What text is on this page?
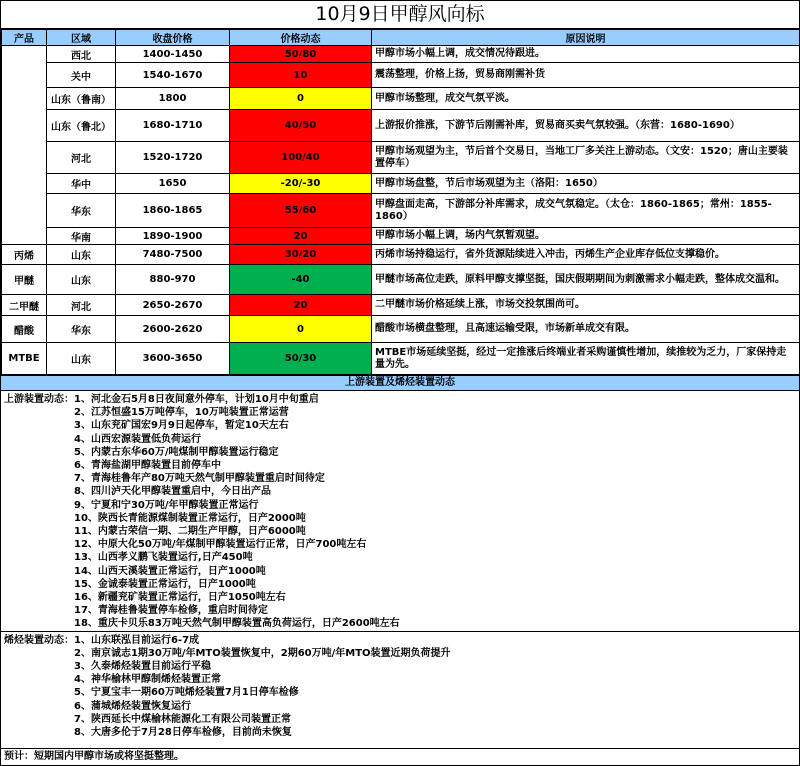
10月9日甲醇风向标
产品	区域	收盘价格	价格动态	原因说明
	西北	1400-1450	50/80	甲醇市场小幅上调，成交情况待跟进。
	关中	1540-1670	10	震荡整理，价格上扬，贸易商刚需补货
	山东（鲁南）	1800	0	甲醇市场整理，成交气氛平淡。
	山东（鲁北）	1680-1710	40/50	上游报价推涨，下游节后刚需补库，贸易商买卖气氛较强。（东营：1680-1690）
	河北	1520-1720	100/40	甲醇市场观望为主，节后首个交易日，当地工厂多关注上游动态。（文安：1520；唐山主要装置停车）
	华中	1650	-20/-30	甲醇市场盘整，节后市场观望为主（洛阳：1650）
	华东	1860-1865	55/60	甲醇盘面走高，下游部分补库需求，成交气氛稳定。（太仓：1860-1865；常州：1855-1860）
	华南	1890-1900	20	甲醇市场小幅上调，场内气氛暂观望。
丙烯	山东	7480-7500	30/20	丙烯市场持稳运行，省外货源陆续进入冲击，丙烯生产企业库存低位支撑稳价。
甲醚	山东	880-970	-40	甲醚市场高位走跌，原料甲醇支撑坚挺，国庆假期期间为刺激需求小幅走跌，整体成交温和。
二甲醚	河北	2650-2670	20	二甲醚市场价格延续上涨，市场交投氛围尚可。
醋酸	华东	2600-2620	0	醋酸市场横盘整理，且高速运输受限，市场新单成交有限。
MTBE	山东	3600-3650	50/30	MTBE市场延续坚挺，经过一定推涨后终端业者采购谨慎性增加，续推较为乏力，厂家保持走量为先。
上游装置及烯烃装置动态
上游装置动态： 1、河北金石5月8日夜间意外停车，计划10月中旬重启
2、江苏恒盛15万吨停车，10万吨装置正常运营
3、山东兖矿国宏9月9日起停车，暂定10天左右
4、山西宏源装置低负荷运行
5、内蒙古东华60万/吨煤制甲醇装置运行稳定
6、青海盐湖甲醇装置目前停车中
7、青海桂鲁年产80万吨天然气制甲醇装置重启时间待定
8、四川泸天化甲醇装置重启中，今日出产品
9、宁夏和宁30万吨/年甲醇装置正常运行
10、陕西长青能源煤制装置正常运行，日产2000吨
11、内蒙古荣信一期、二期生产甲醇，日产6000吨
12、中原大化50万吨/年煤制甲醇装置运行正常，日产700吨左右
13、山西孝义鹏飞装置运行,日产450吨
14、山西天溪装置正常运行，日产1000吨
15、金诚泰装置正常运行，日产1000吨
16、新疆兖矿装置正常运行，日产1050吨左右
17、青海桂鲁装置停车检修，重启时间待定
18、重庆卡贝乐83万吨天然气制甲醇装置高负荷运行，日产2600吨左右
烯烃装置动态： 1、山东联泓目前运行6-7成
2、南京诚志1期30万吨/年MTO装置恢复中，2期60万吨/年MTO装置近期负荷提升
3、久泰烯烃装置目前运行平稳
4、神华榆林甲醇制烯烃装置正常
5、宁夏宝丰一期60万吨烯烃装置7月1日停车检修
6、蒲城烯烃装置恢复运行
7、陕西延长中煤榆林能源化工有限公司装置正常
8、大唐多伦于7月28日停车检修，目前尚未恢复
预计：短期国内甲醇市场或将坚挺整理。
